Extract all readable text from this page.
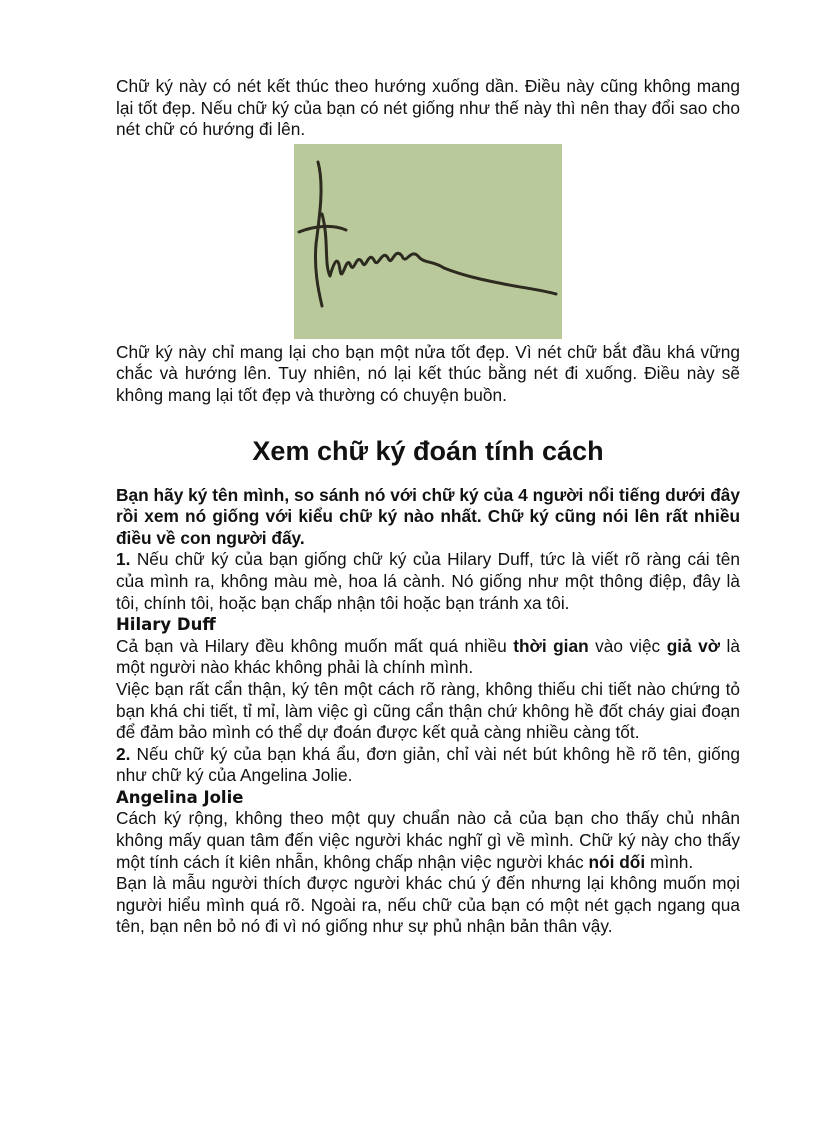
Chữ ký này có nét kết thúc theo hướng xuống dần. Điều này cũng không mang lại tốt đẹp. Nếu chữ ký của bạn có nét giống như thế này thì nên thay đổi sao cho nét chữ có hướng đi lên.

Chữ ký này chỉ mang lại cho bạn một nửa tốt đẹp. Vì nét chữ bắt đầu khá vững chắc và hướng lên. Tuy nhiên, nó lại kết thúc bằng nét đi xuống. Điều này sẽ không mang lại tốt đẹp và thường có chuyện buồn.

Xem chữ ký đoán tính cách

Bạn hãy ký tên mình, so sánh nó với chữ ký của 4 người nổi tiếng dưới đây rồi xem nó giống với kiểu chữ ký nào nhất. Chữ ký cũng nói lên rất nhiều điều về con người đấy.

1. Nếu chữ ký của bạn giống chữ ký của Hilary Duff, tức là viết rõ ràng cái tên của mình ra, không màu mè, hoa lá cành. Nó giống như một thông điệp, đây là tôi, chính tôi, hoặc bạn chấp nhận tôi hoặc bạn tránh xa tôi.

Hilary Duff

Cả bạn và Hilary đều không muốn mất quá nhiều thời gian vào việc giả vờ là một người nào khác không phải là chính mình.

Việc bạn rất cẩn thận, ký tên một cách rõ ràng, không thiếu chi tiết nào chứng tỏ bạn khá chi tiết, tỉ mỉ, làm việc gì cũng cẩn thận chứ không hề đốt cháy giai đoạn để đảm bảo mình có thể dự đoán được kết quả càng nhiều càng tốt.

2. Nếu chữ ký của bạn khá ẩu, đơn giản, chỉ vài nét bút không hề rõ tên, giống như chữ ký của Angelina Jolie.

Angelina Jolie

Cách ký rộng, không theo một quy chuẩn nào cả của bạn cho thấy chủ nhân không mấy quan tâm đến việc người khác nghĩ gì về mình. Chữ ký này cho thấy một tính cách ít kiên nhẫn, không chấp nhận việc người khác nói dối mình.

Bạn là mẫu người thích được người khác chú ý đến nhưng lại không muốn mọi người hiểu mình quá rõ. Ngoài ra, nếu chữ của bạn có một nét gạch ngang qua tên, bạn nên bỏ nó đi vì nó giống như sự phủ nhận bản thân vậy.
